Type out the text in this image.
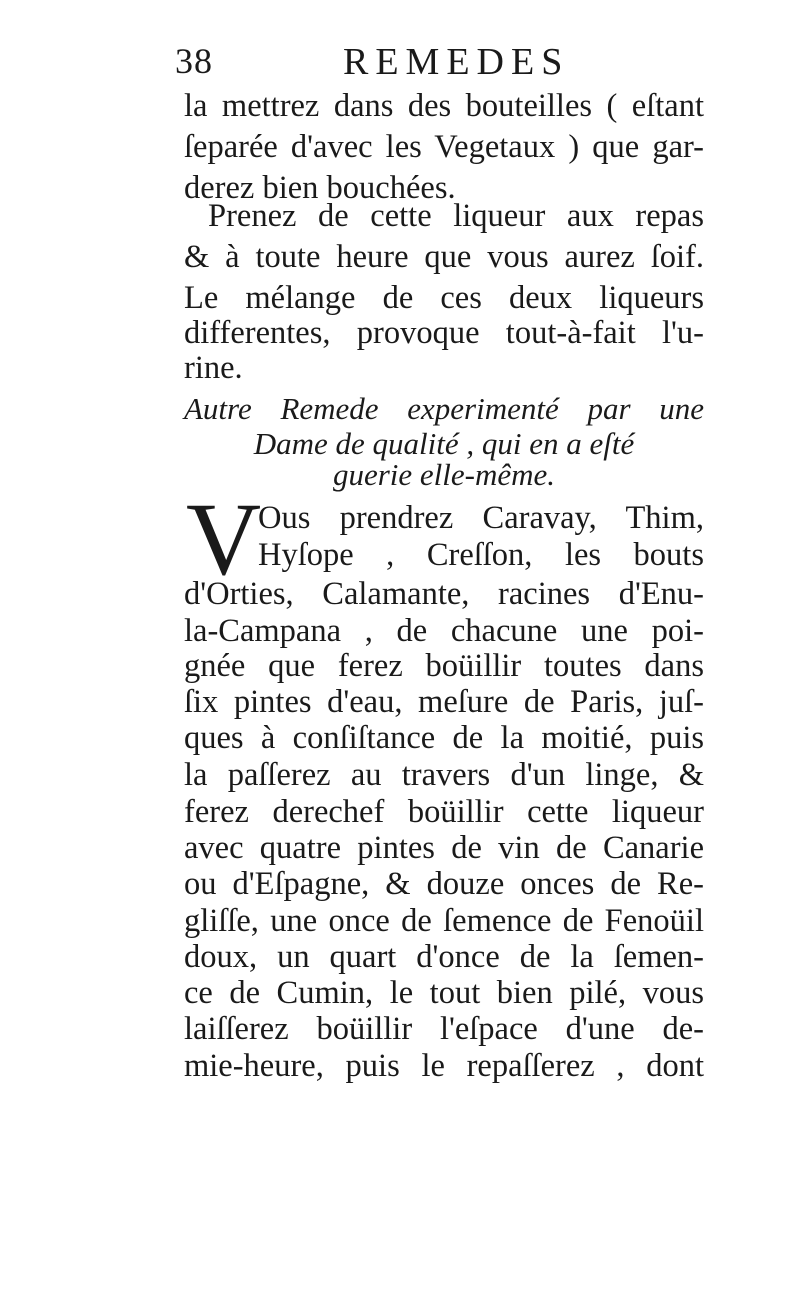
38	REMEDES
la mettrez dans des bouteilles ( eſtant
ſeparée d'avec les Vegetaux ) que gar-
derez bien bouchées.
Prenez de cette liqueur aux repas
& à toute heure que vous aurez ſoif.
Le mélange de ces deux liqueurs
differentes, provoque tout-à-fait l'u-
rine.
Autre Remede experimenté par une
Dame de qualité , qui en a eſté
guerie elle-même.
V
Ous prendrez Caravay, Thim,
Hyſope , Creſſon, les bouts
d'Orties, Calamante, racines d'Enu-
la-Campana , de chacune une poi-
gnée que ferez boüillir toutes dans
ſix pintes d'eau, meſure de Paris, juſ-
ques à conſiſtance de la moitié, puis
la paſſerez au travers d'un linge, &
ferez derechef boüillir cette liqueur
avec quatre pintes de vin de Canarie
ou d'Eſpagne, & douze onces de Re-
gliſſe, une once de ſemence de Fenoüil
doux, un quart d'once de la ſemen-
ce de Cumin, le tout bien pilé, vous
laiſſerez boüillir l'eſpace d'une de-
mie-heure, puis le repaſſerez , dont
